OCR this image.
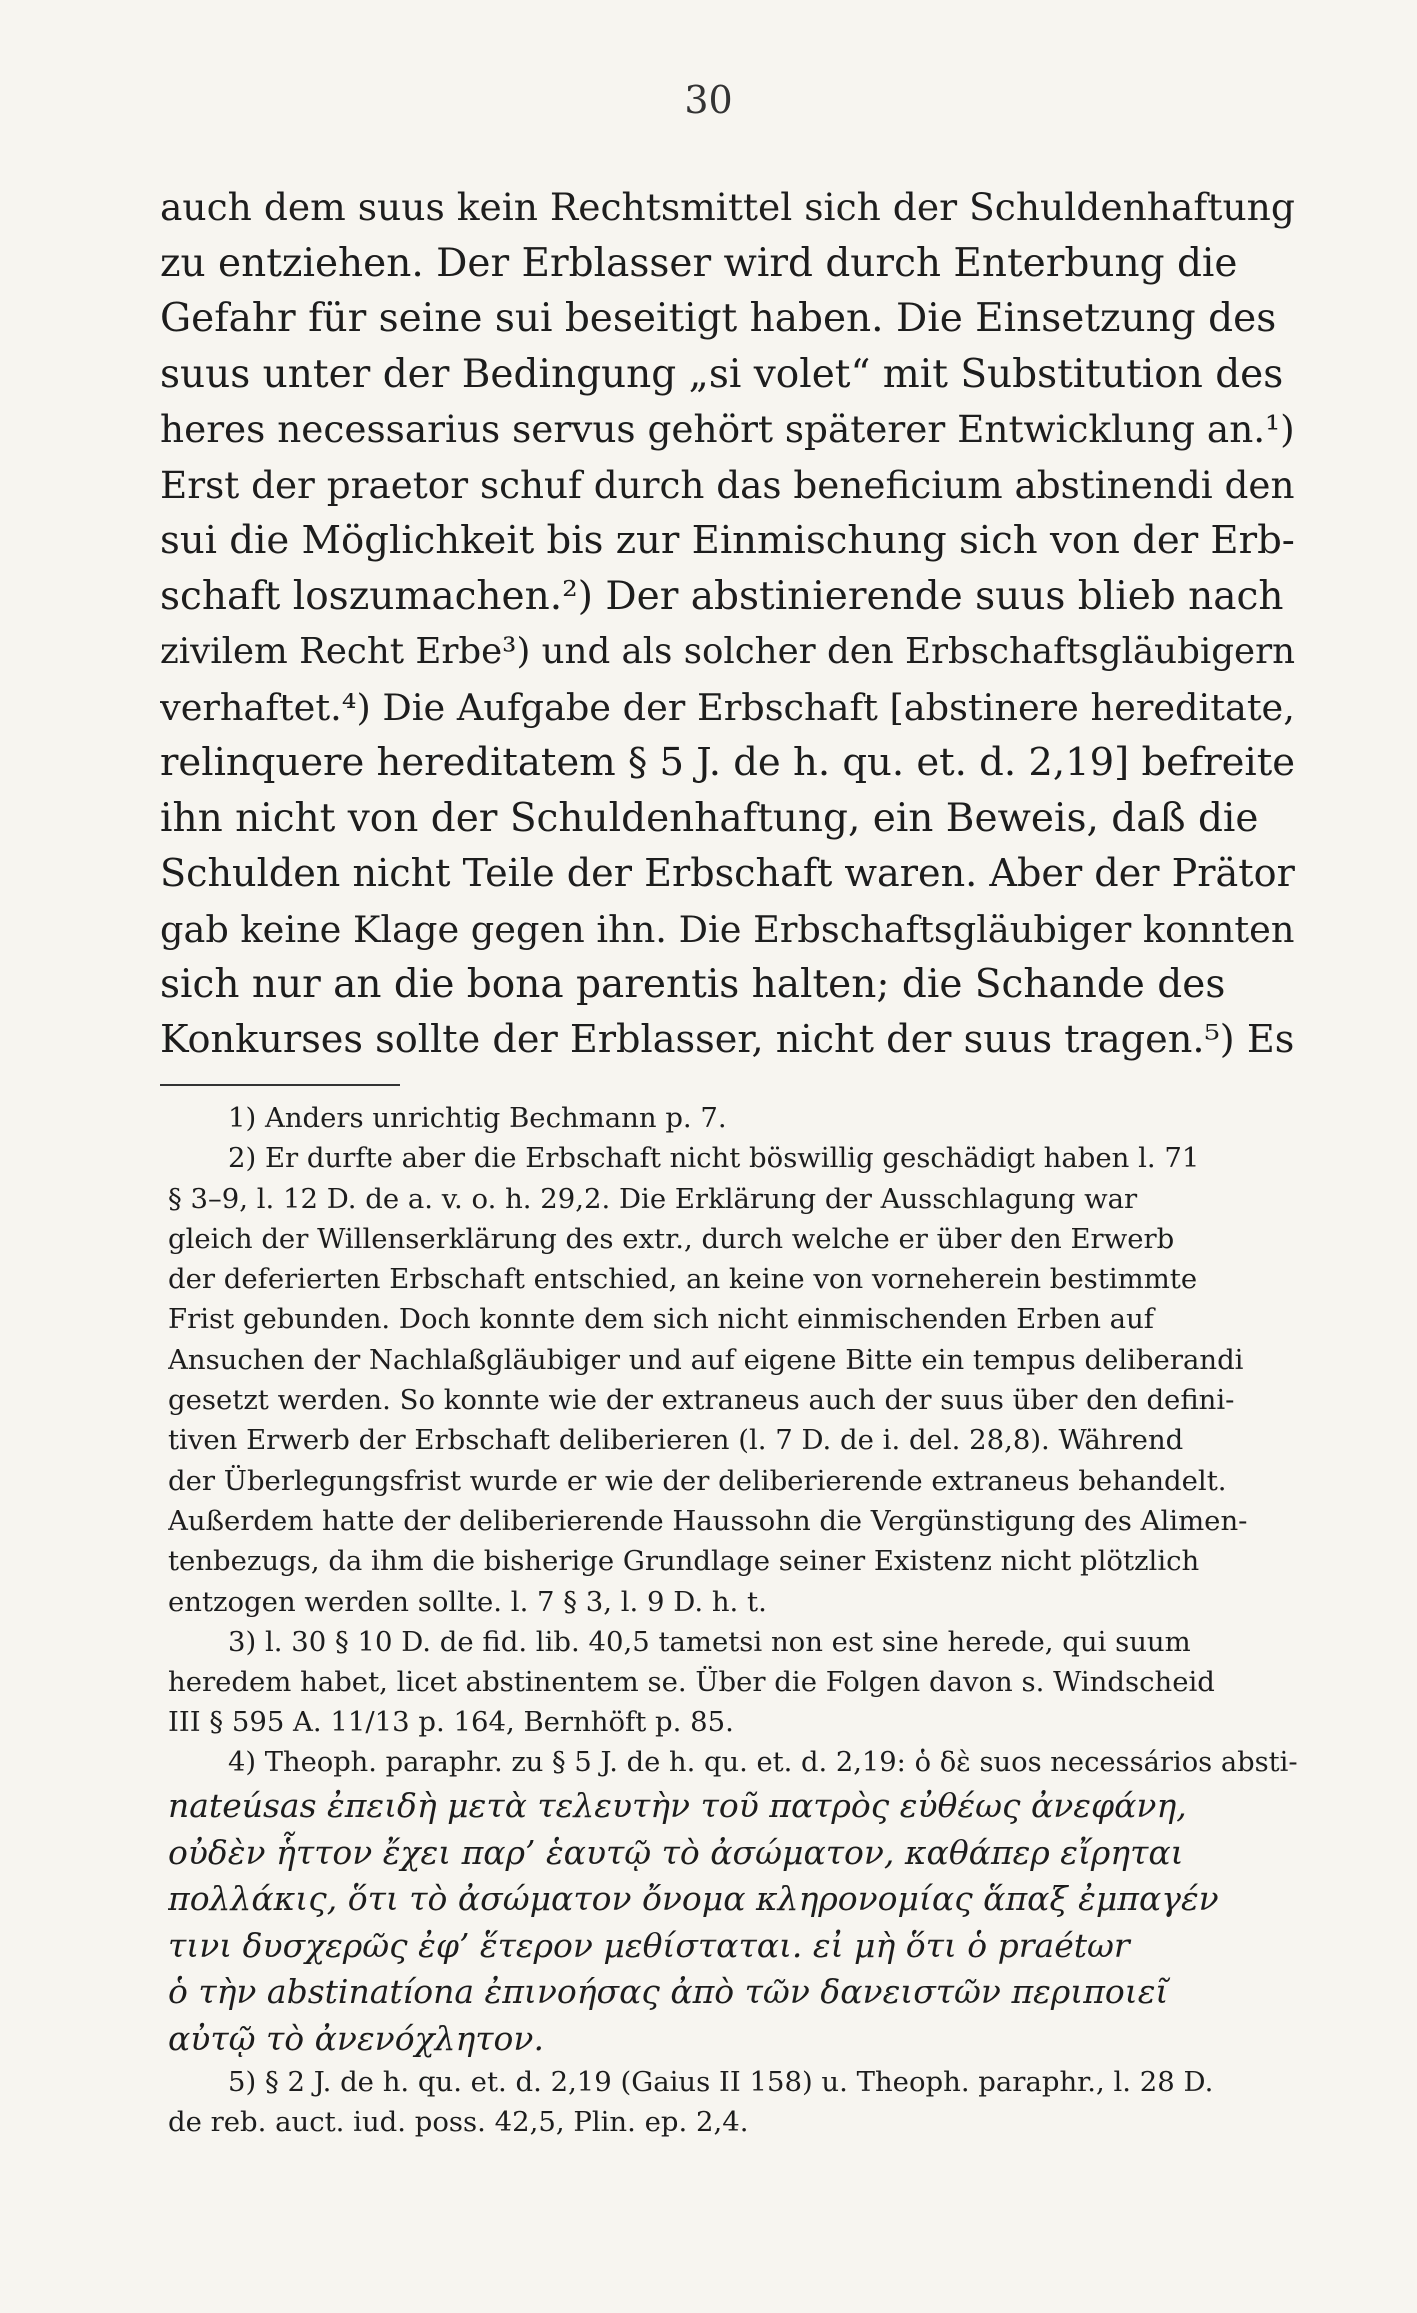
30
auch dem suus kein Rechtsmittel sich der Schuldenhaftung
zu entziehen. Der Erblasser wird durch Enterbung die
Gefahr für seine sui beseitigt haben. Die Einsetzung des
suus unter der Bedingung „si volet“ mit Substitution des
heres necessarius servus gehört späterer Entwicklung an.¹)
Erst der praetor schuf durch das beneficium abstinendi den
sui die Möglichkeit bis zur Einmischung sich von der Erb-
schaft loszumachen.²) Der abstinierende suus blieb nach
zivilem Recht Erbe³) und als solcher den Erbschaftsgläubigern
verhaftet.⁴) Die Aufgabe der Erbschaft [abstinere hereditate,
relinquere hereditatem § 5 J. de h. qu. et. d. 2,19] befreite
ihn nicht von der Schuldenhaftung, ein Beweis, daß die
Schulden nicht Teile der Erbschaft waren. Aber der Prätor
gab keine Klage gegen ihn. Die Erbschaftsgläubiger konnten
sich nur an die bona parentis halten; die Schande des
Konkurses sollte der Erblasser, nicht der suus tragen.⁵) Es
1) Anders unrichtig Bechmann p. 7.
2) Er durfte aber die Erbschaft nicht böswillig geschädigt haben l. 71
§ 3–9, l. 12 D. de a. v. o. h. 29,2. Die Erklärung der Ausschlagung war
gleich der Willenserklärung des extr., durch welche er über den Erwerb
der deferierten Erbschaft entschied, an keine von vorneherein bestimmte
Frist gebunden. Doch konnte dem sich nicht einmischenden Erben auf
Ansuchen der Nachlaßgläubiger und auf eigene Bitte ein tempus deliberandi
gesetzt werden. So konnte wie der extraneus auch der suus über den defini-
tiven Erwerb der Erbschaft deliberieren (l. 7 D. de i. del. 28,8). Während
der Überlegungsfrist wurde er wie der deliberierende extraneus behandelt.
Außerdem hatte der deliberierende Haussohn die Vergünstigung des Alimen-
tenbezugs, da ihm die bisherige Grundlage seiner Existenz nicht plötzlich
entzogen werden sollte. l. 7 § 3, l. 9 D. h. t.
3) l. 30 § 10 D. de fid. lib. 40,5 tametsi non est sine herede, qui suum
heredem habet, licet abstinentem se. Über die Folgen davon s. Windscheid
III § 595 A. 11/13 p. 164, Bernhöft p. 85.
4) Theoph. paraphr. zu § 5 J. de h. qu. et. d. 2,19: ὁ δὲ suos necessários absti-
nateúsas ἐπειδὴ μετὰ τελευτὴν τοῦ πατρὸς εὐθέως ἀνεφάνη,
οὐδὲν ἧττον ἔχει παρ’ ἑαυτῷ τὸ ἀσώματον, καθάπερ εἴρηται
πολλάκις, ὅτι τὸ ἀσώματον ὄνομα κληρονομίας ἅπαξ ἐμπαγέν
τινι δυσχερῶς ἐφ’ ἕτερον μεθίσταται. εἰ μὴ ὅτι ὁ praétωr
ὁ τὴν abstinatíona ἐπινοήσας ἀπὸ τῶν δανειστῶν περιποιεῖ
αὐτῷ τὸ ἀνενόχλητον.
5) § 2 J. de h. qu. et. d. 2,19 (Gaius II 158) u. Theoph. paraphr., l. 28 D.
de reb. auct. iud. poss. 42,5, Plin. ep. 2,4.
